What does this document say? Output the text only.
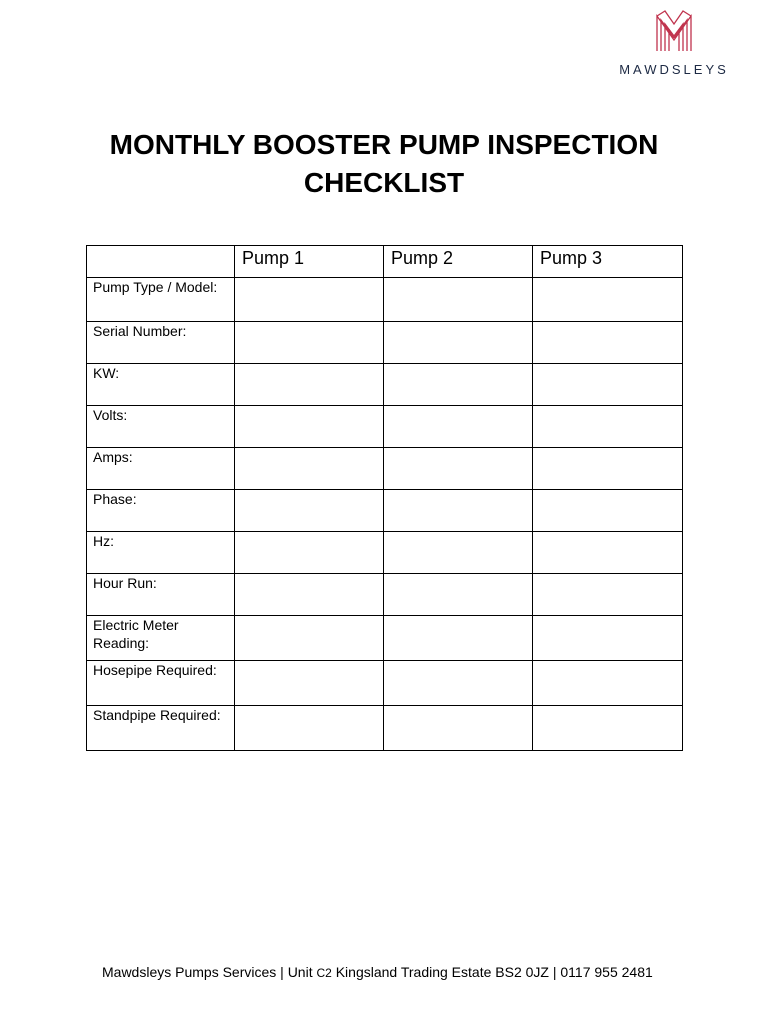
MAWDSLEYS
MONTHLY BOOSTER PUMP INSPECTION CHECKLIST
	Pump 1	Pump 2	Pump 3
Pump Type / Model:			
Serial Number:			
KW:			
Volts:			
Amps:			
Phase:			
Hz:			
Hour Run:			
Electric Meter Reading:			
Hosepipe Required:			
Standpipe Required:			
Mawdsleys Pumps Services | Unit C2 Kingsland Trading Estate BS2 0JZ | 0117 955 2481
